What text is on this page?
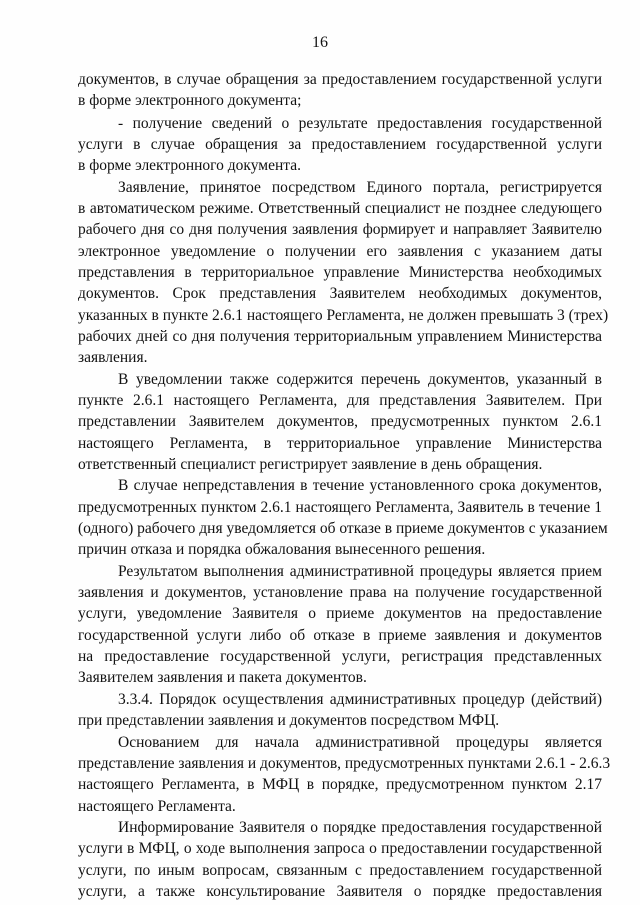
16
документов, в случае обращения за предоставлением государственной услуги
в форме электронного документа;
- получение сведений о результате предоставления государственной
услуги в случае обращения за предоставлением государственной услуги
в форме электронного документа.
Заявление, принятое посредством Единого портала, регистрируется
в автоматическом режиме. Ответственный специалист не позднее следующего
рабочего дня со дня получения заявления формирует и направляет Заявителю
электронное уведомление о получении его заявления с указанием даты
представления в территориальное управление Министерства необходимых
документов. Срок представления Заявителем необходимых документов,
указанных в пункте 2.6.1 настоящего Регламента, не должен превышать 3 (трех)
рабочих дней со дня получения территориальным управлением Министерства
заявления.
В уведомлении также содержится перечень документов, указанный в
пункте 2.6.1 настоящего Регламента, для представления Заявителем. При
представлении Заявителем документов, предусмотренных пунктом 2.6.1
настоящего Регламента, в территориальное управление Министерства
ответственный специалист регистрирует заявление в день обращения.
В случае непредставления в течение установленного срока документов,
предусмотренных пунктом 2.6.1 настоящего Регламента, Заявитель в течение 1
(одного) рабочего дня уведомляется об отказе в приеме документов с указанием
причин отказа и порядка обжалования вынесенного решения.
Результатом выполнения административной процедуры является прием
заявления и документов, установление права на получение государственной
услуги, уведомление Заявителя о приеме документов на предоставление
государственной услуги либо об отказе в приеме заявления и документов
на предоставление государственной услуги, регистрация представленных
Заявителем заявления и пакета документов.
3.3.4. Порядок осуществления административных процедур (действий)
при представлении заявления и документов посредством МФЦ.
Основанием для начала административной процедуры является
представление заявления и документов, предусмотренных пунктами 2.6.1 - 2.6.3
настоящего Регламента, в МФЦ в порядке, предусмотренном пунктом 2.17
настоящего Регламента.
Информирование Заявителя о порядке предоставления государственной
услуги в МФЦ, о ходе выполнения запроса о предоставлении государственной
услуги, по иным вопросам, связанным с предоставлением государственной
услуги, а также консультирование Заявителя о порядке предоставления
